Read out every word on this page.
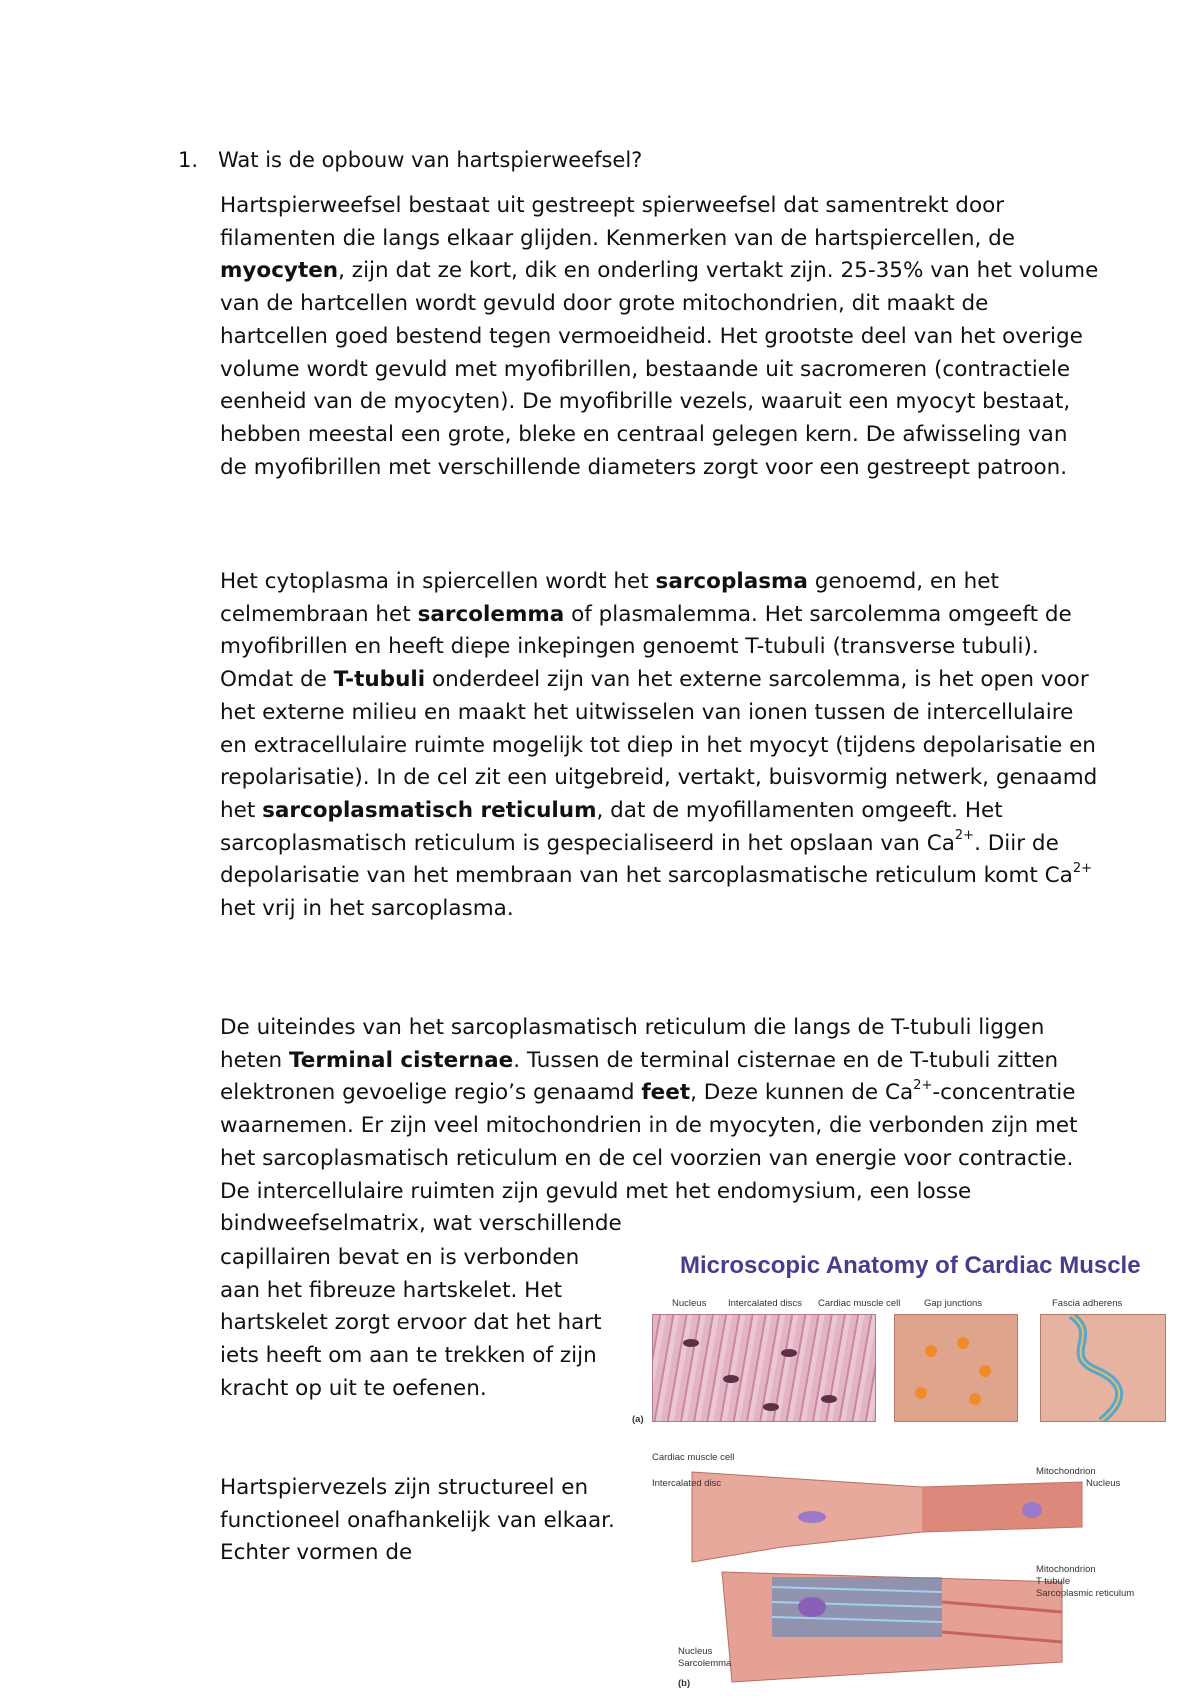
1. Wat is de opbouw van hartspierweefsel?

Hartspierweefsel bestaat uit gestreept spierweefsel dat samentrekt door filamenten die langs elkaar glijden. Kenmerken van de hartspiercellen, de myocyten, zijn dat ze kort, dik en onderling vertakt zijn. 25-35% van het volume van de hartcellen wordt gevuld door grote mitochondrien, dit maakt de hartcellen goed bestend tegen vermoeidheid. Het grootste deel van het overige volume wordt gevuld met myofibrillen, bestaande uit sacromeren (contractiele eenheid van de myocyten). De myofibrille vezels, waaruit een myocyt bestaat, hebben meestal een grote, bleke en centraal gelegen kern. De afwisseling van de myofibrillen met verschillende diameters zorgt voor een gestreept patroon.

Het cytoplasma in spiercellen wordt het sarcoplasma genoemd, en het celmembraan het sarcolemma of plasmalemma. Het sarcolemma omgeeft de myofibrillen en heeft diepe inkepingen genoemt T-tubuli (transverse tubuli). Omdat de T-tubuli onderdeel zijn van het externe sarcolemma, is het open voor het externe milieu en maakt het uitwisselen van ionen tussen de intercellulaire en extracellulaire ruimte mogelijk tot diep in het myocyt (tijdens depolarisatie en repolarisatie). In de cel zit een uitgebreid, vertakt, buisvormig netwerk, genaamd het sarcoplasmatisch reticulum, dat de myofillamenten omgeeft. Het sarcoplasmatisch reticulum is gespecialiseerd in het opslaan van $Ca^{2+}$. Diir de depolarisatie van het membraan van het sarcoplasmatische reticulum komt $Ca^{2+}$ het vrij in het sarcoplasma.

De uiteindes van het sarcoplasmatisch reticulum die langs de T-tubuli liggen heten Terminal cisternae. Tussen de terminal cisternae en de T-tubuli zitten elektronen gevoelige regio’s genaamd feet, Deze kunnen de $Ca^{2+}$-concentratie waarnemen. Er zijn veel mitochondrien in de myocyten, die verbonden zijn met het sarcoplasmatisch reticulum en de cel voorzien van energie voor contractie. De intercellulaire ruimten zijn gevuld met het endomysium, een losse bindweefselmatrix, wat verschillende

capillairen bevat en is verbonden aan het fibreuze hartskelet. Het hartskelet zorgt ervoor dat het hart iets heeft om aan te trekken of zijn kracht op uit te oefenen.

Hartspiervezels zijn structureel en functioneel onafhankelijk van elkaar. Echter vormen de

Microscopic Anatomy of Cardiac Muscle
Nucleus Intercalated discs Cardiac muscle cell Gap junctions	Fascia adherens
(a)
Cardiac muscle cell
Intercalated disc
Nucleus
Sarcolemma
Mitochondrion
Nucleus
Mitochondrion
T tubule
Sarcoplasmic reticulum
(b)
